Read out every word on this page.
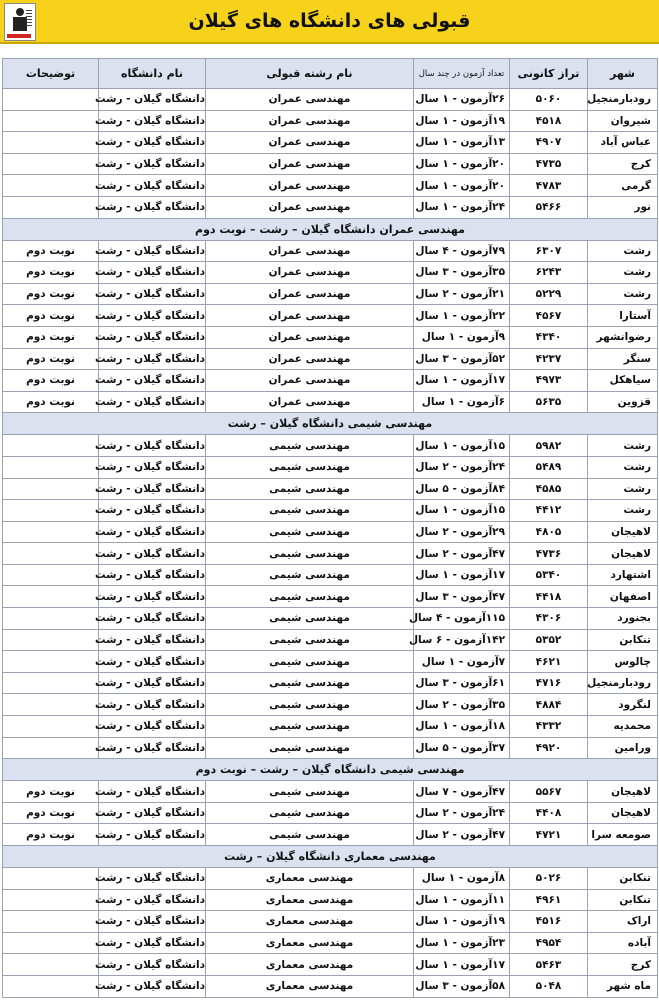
قبولی های دانشگاه های گیلان
شهر	تراز کانونی	تعداد آزمون در چند سال	نام رشته قبولی	نام دانشگاه	توضیحات
رودبارمنجیل	۵۰۶۰	۲۶آزمون - ۱ سال	مهندسی عمران	دانشگاه گیلان - رشت	
شیروان	۴۵۱۸	۱۹آزمون - ۱ سال	مهندسی عمران	دانشگاه گیلان - رشت	
عباس آباد	۴۹۰۷	۱۳آزمون - ۱ سال	مهندسی عمران	دانشگاه گیلان - رشت	
کرج	۴۷۳۵	۲۰آزمون - ۱ سال	مهندسی عمران	دانشگاه گیلان - رشت	
گرمی	۴۷۸۳	۲۰آزمون - ۱ سال	مهندسی عمران	دانشگاه گیلان - رشت	
نور	۵۴۶۶	۲۴آزمون - ۱ سال	مهندسی عمران	دانشگاه گیلان - رشت	
مهندسی عمران دانشگاه گیلان – رشت – نوبت دوم					
رشت	۶۳۰۷	۷۹آزمون - ۴ سال	مهندسی عمران	دانشگاه گیلان - رشت	نوبت دوم
رشت	۶۲۴۳	۳۵آزمون - ۳ سال	مهندسی عمران	دانشگاه گیلان - رشت	نوبت دوم
رشت	۵۲۲۹	۲۱آزمون - ۲ سال	مهندسی عمران	دانشگاه گیلان - رشت	نوبت دوم
آستارا	۴۵۶۷	۲۲آزمون - ۱ سال	مهندسی عمران	دانشگاه گیلان - رشت	نوبت دوم
رضوانشهر	۴۳۴۰	۹آزمون - ۱ سال	مهندسی عمران	دانشگاه گیلان - رشت	نوبت دوم
سنگر	۴۲۳۷	۵۲آزمون - ۳ سال	مهندسی عمران	دانشگاه گیلان - رشت	نوبت دوم
سیاهکل	۴۹۷۳	۱۷آزمون - ۱ سال	مهندسی عمران	دانشگاه گیلان - رشت	نوبت دوم
قزوین	۵۶۳۵	۶آزمون - ۱ سال	مهندسی عمران	دانشگاه گیلان - رشت	نوبت دوم
مهندسی شیمی دانشگاه گیلان – رشت					
رشت	۵۹۸۲	۱۵آزمون - ۱ سال	مهندسی شیمی	دانشگاه گیلان - رشت	
رشت	۵۴۸۹	۲۴آزمون - ۲ سال	مهندسی شیمی	دانشگاه گیلان - رشت	
رشت	۴۵۸۵	۸۴آزمون - ۵ سال	مهندسی شیمی	دانشگاه گیلان - رشت	
رشت	۴۴۱۲	۱۵آزمون - ۱ سال	مهندسی شیمی	دانشگاه گیلان - رشت	
لاهیجان	۴۸۰۵	۲۹آزمون - ۲ سال	مهندسی شیمی	دانشگاه گیلان - رشت	
لاهیجان	۴۷۳۶	۴۷آزمون - ۲ سال	مهندسی شیمی	دانشگاه گیلان - رشت	
اشتهارد	۵۳۴۰	۱۷آزمون - ۱ سال	مهندسی شیمی	دانشگاه گیلان - رشت	
اصفهان	۴۴۱۸	۴۷آزمون - ۳ سال	مهندسی شیمی	دانشگاه گیلان - رشت	
بجنورد	۴۳۰۶	۱۱۵آزمون - ۴ سال	مهندسی شیمی	دانشگاه گیلان - رشت	
تنکابن	۵۳۵۲	۱۴۲آزمون - ۶ سال	مهندسی شیمی	دانشگاه گیلان - رشت	
چالوس	۴۶۲۱	۷آزمون - ۱ سال	مهندسی شیمی	دانشگاه گیلان - رشت	
رودبارمنجیل	۴۷۱۶	۶۱آزمون - ۳ سال	مهندسی شیمی	دانشگاه گیلان - رشت	
لنگرود	۴۸۸۴	۳۵آزمون - ۲ سال	مهندسی شیمی	دانشگاه گیلان - رشت	
محمدیه	۴۳۳۲	۱۸آزمون - ۱ سال	مهندسی شیمی	دانشگاه گیلان - رشت	
ورامین	۴۹۲۰	۳۷آزمون - ۵ سال	مهندسی شیمی	دانشگاه گیلان - رشت	
مهندسی شیمی دانشگاه گیلان – رشت – نوبت دوم					
لاهیجان	۵۵۶۷	۴۷آزمون - ۷ سال	مهندسی شیمی	دانشگاه گیلان - رشت	نوبت دوم
لاهیجان	۴۴۰۸	۲۴آزمون - ۲ سال	مهندسی شیمی	دانشگاه گیلان - رشت	نوبت دوم
صومعه سرا	۴۷۲۱	۴۷آزمون - ۲ سال	مهندسی شیمی	دانشگاه گیلان - رشت	نوبت دوم
مهندسی معماری دانشگاه گیلان – رشت					
تنکابن	۵۰۲۶	۸آزمون - ۱ سال	مهندسی معماری	دانشگاه گیلان - رشت	
تنکابن	۴۹۶۱	۱۱آزمون - ۱ سال	مهندسی معماری	دانشگاه گیلان - رشت	
اراک	۴۵۱۶	۱۹آزمون - ۱ سال	مهندسی معماری	دانشگاه گیلان - رشت	
آباده	۴۹۵۴	۲۳آزمون - ۱ سال	مهندسی معماری	دانشگاه گیلان - رشت	
کرج	۵۴۶۳	۱۷آزمون - ۱ سال	مهندسی معماری	دانشگاه گیلان - رشت	
ماه شهر	۵۰۴۸	۵۸آزمون - ۳ سال	مهندسی معماری	دانشگاه گیلان - رشت	
